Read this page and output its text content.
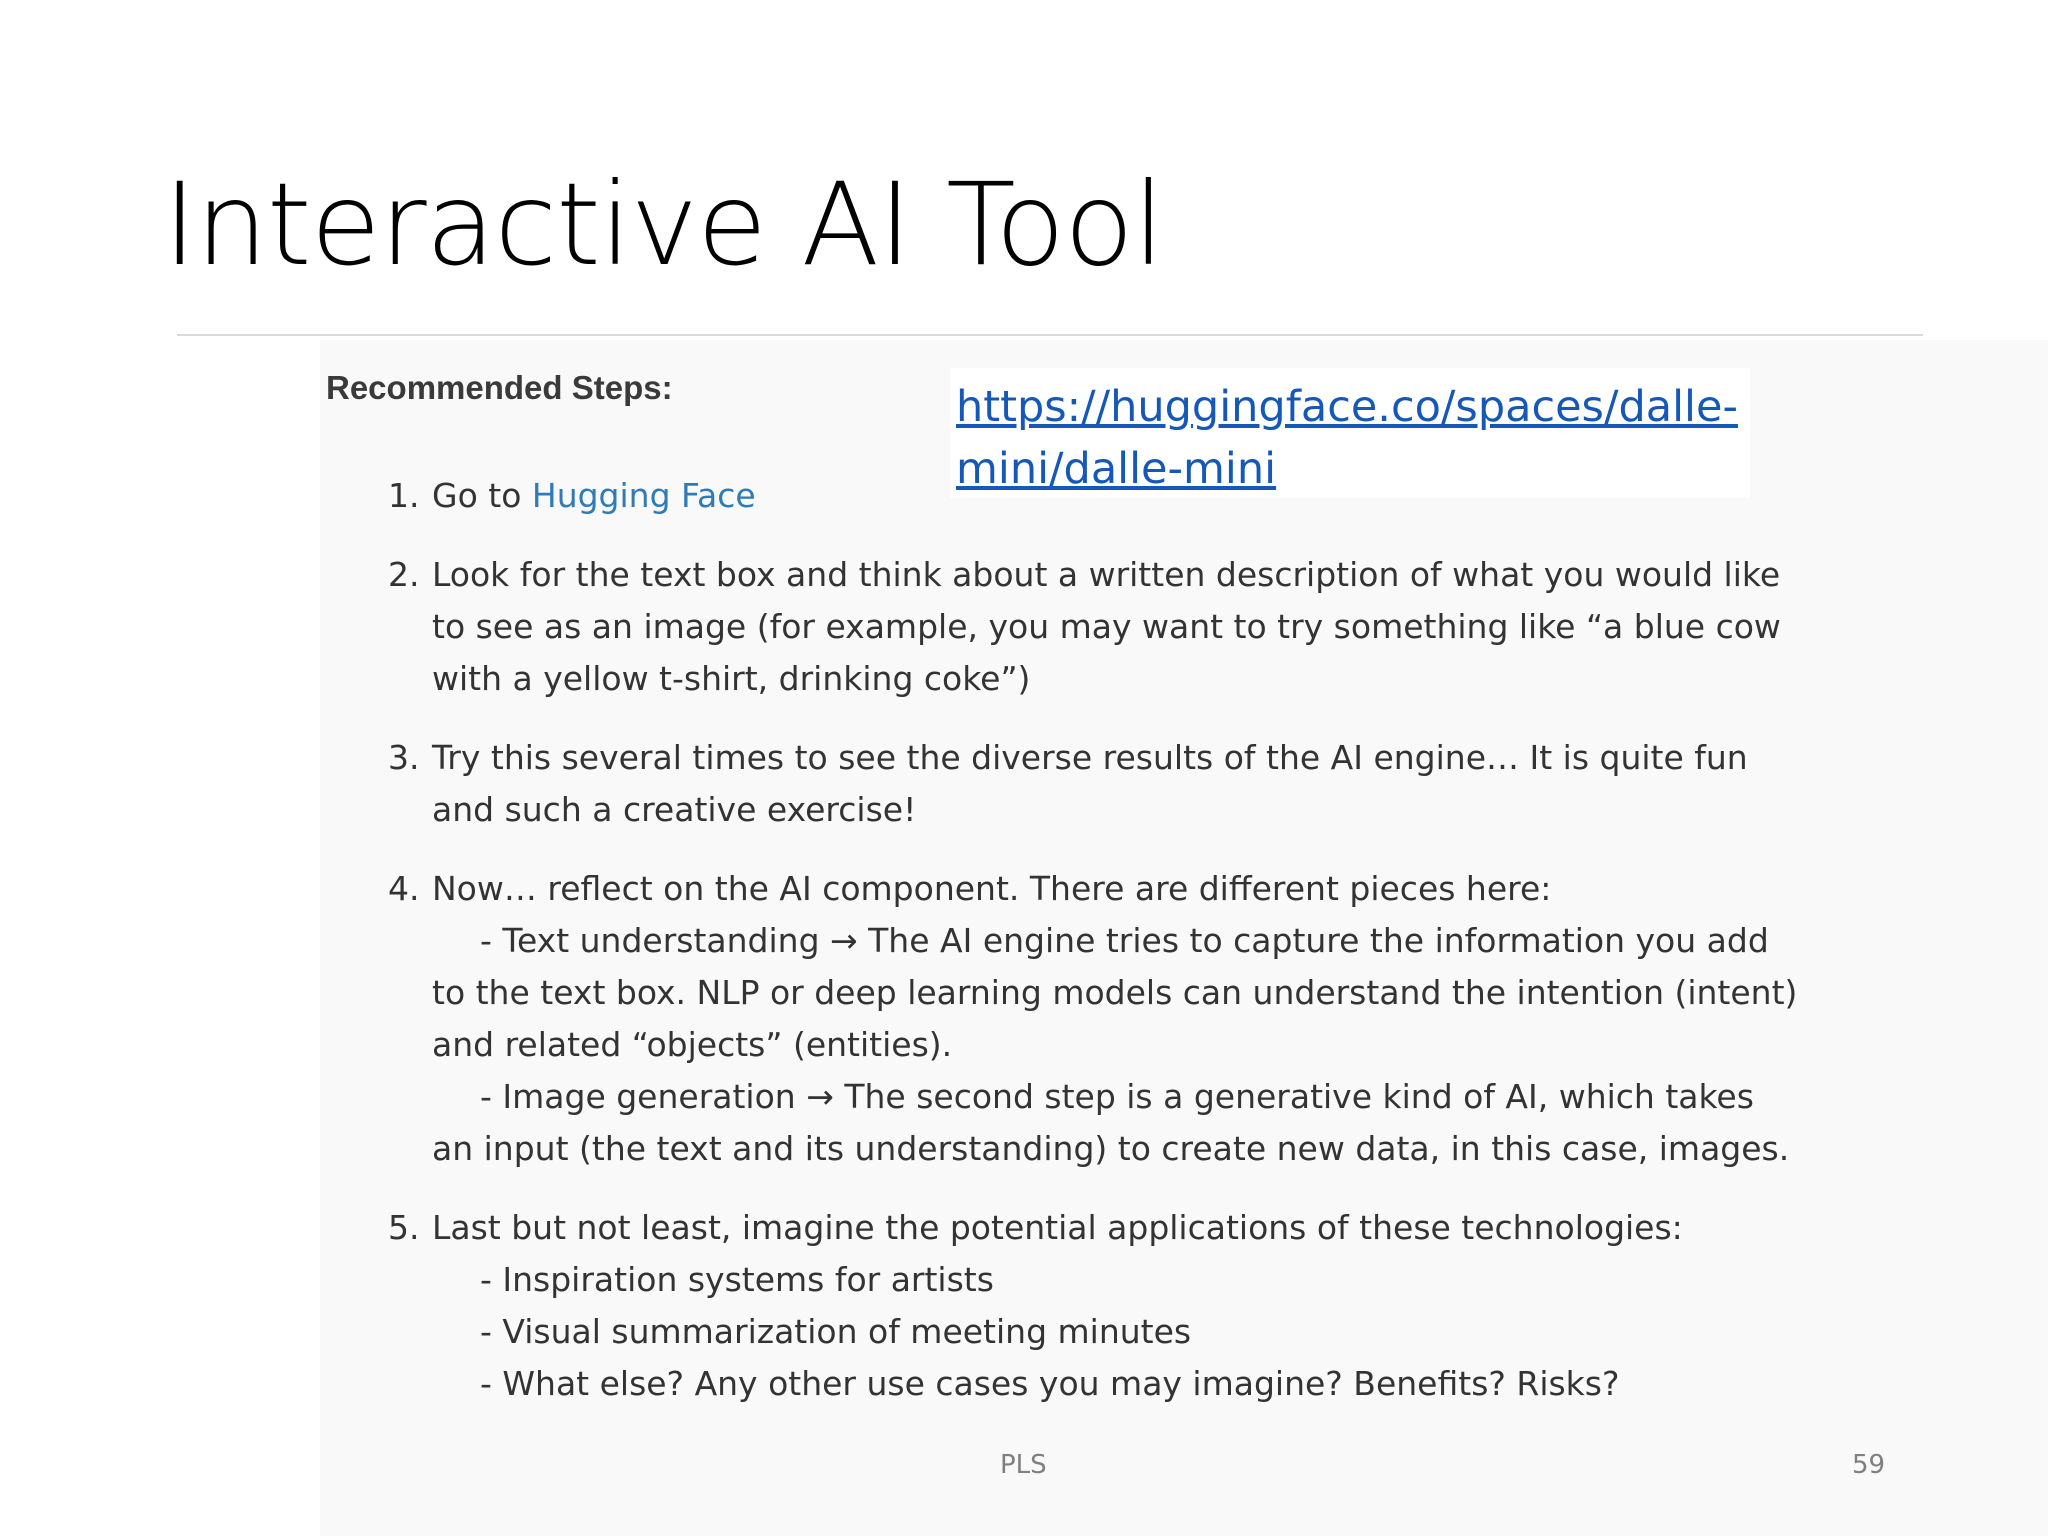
Interactive AI Tool
Recommended Steps:	https://huggingface.co/spaces/dalle-mini/dalle-mini
1. Go to Hugging Face
2. Look for the text box and think about a written description of what you would like
to see as an image (for example, you may want to try something like “a blue cow
with a yellow t-shirt, drinking coke”)
3. Try this several times to see the diverse results of the AI engine… It is quite fun
and such a creative exercise!
4. Now… reflect on the AI component. There are different pieces here:
- Text understanding → The AI engine tries to capture the information you add
to the text box. NLP or deep learning models can understand the intention (intent)
and related “objects” (entities).
- Image generation → The second step is a generative kind of AI, which takes
an input (the text and its understanding) to create new data, in this case, images.
5. Last but not least, imagine the potential applications of these technologies:
- Inspiration systems for artists
- Visual summarization of meeting minutes
- What else? Any other use cases you may imagine? Benefits? Risks?
PLS	59
